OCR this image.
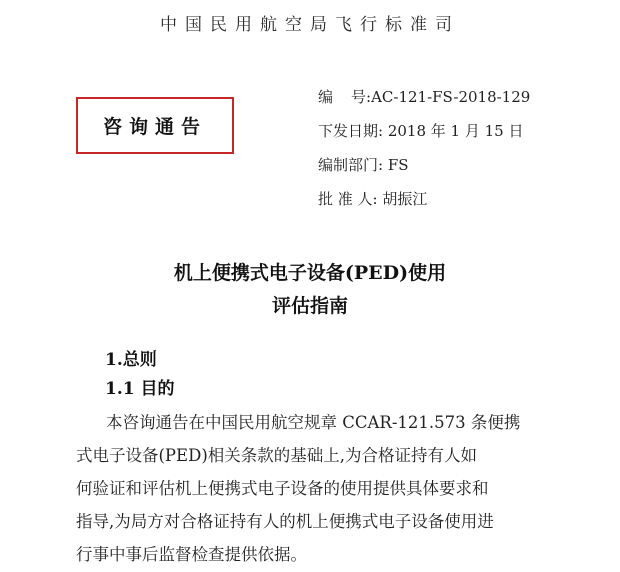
中国民用航空局飞行标准司
咨询通告
编号:AC-121-FS-2018-129
下发日期: 2018 年 1 月 15 日
编制部门: FS
批 准 人: 胡振江
机上便携式电子设备(PED)使用
评估指南
1.总则
1.1 目的
本咨询通告在中国民用航空规章 CCAR-121.573 条便携
式电子设备(PED)相关条款的基础上,为合格证持有人如
何验证和评估机上便携式电子设备的使用提供具体要求和
指导,为局方对合格证持有人的机上便携式电子设备使用进
行事中事后监督检查提供依据。
